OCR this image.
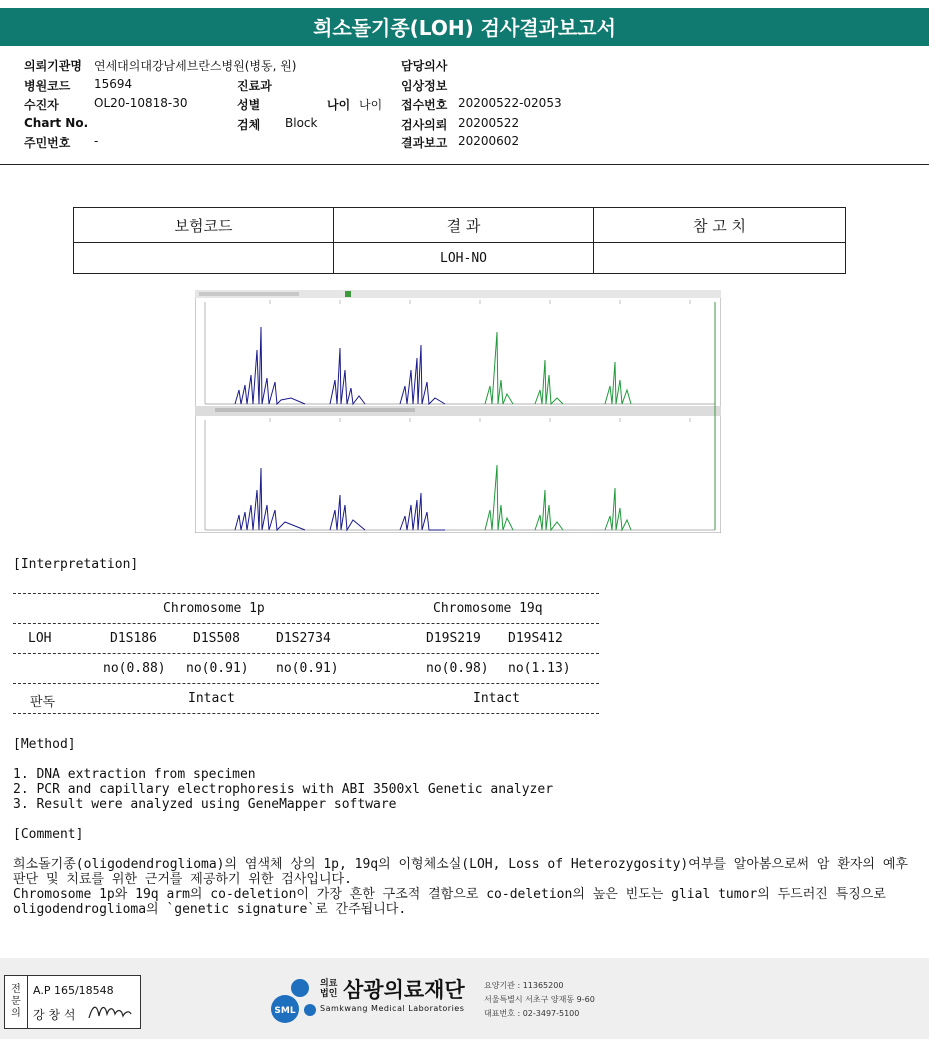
희소돌기종(LOH) 검사결과보고서
의뢰기관명 연세대의대강남세브란스병원(병동, 원)
병원코드 15694
수진자	OL20-10818-30
Chart No.
주민번호 -
진료과
성별	나이 나이
검체 Block
담당의사
임상정보
접수번호 20200522-02053
검사의뢰 20200522
결과보고 20200602
보험코드	결 과	참 고 치
	LOH-NO	
[Interpretation]
Chromosome 1p	Chromosome 19q
LOH	D1S186	D1S508	D1S2734	D19S219 D19S412
no(0.88) no(0.91) no(0.91)	no(0.98) no(1.13)
판독	Intact	Intact
[Method]
1. DNA extraction from specimen
2. PCR and capillary electrophoresis with ABI 3500xl Genetic analyzer
3. Result were analyzed using GeneMapper software
[Comment]
희소돌기종(oligodendroglioma)의 염색체 상의 1p, 19q의 이형체소실(LOH, Loss of Heterozygosity)여부를 알아봄으로써 암 환자의 예후 판단 및 치료를 위한 근거를 제공하기 위한 검사입니다.
Chromosome 1p와 19q arm의 co-deletion이 가장 흔한 구조적 결함으로 co-deletion의 높은 빈도는 glial tumor의 두드러진 특징으로 oligodendroglioma의 `genetic signature`로 간주됩니다.
전문의
A.P 165/18548
강 창 석	SML
의료
법인 삼광의료재단
Samkwang Medical Laboratories
요양기관 : 11365200
서울특별시 서초구 양재동 9-60
대표번호 : 02-3497-5100
